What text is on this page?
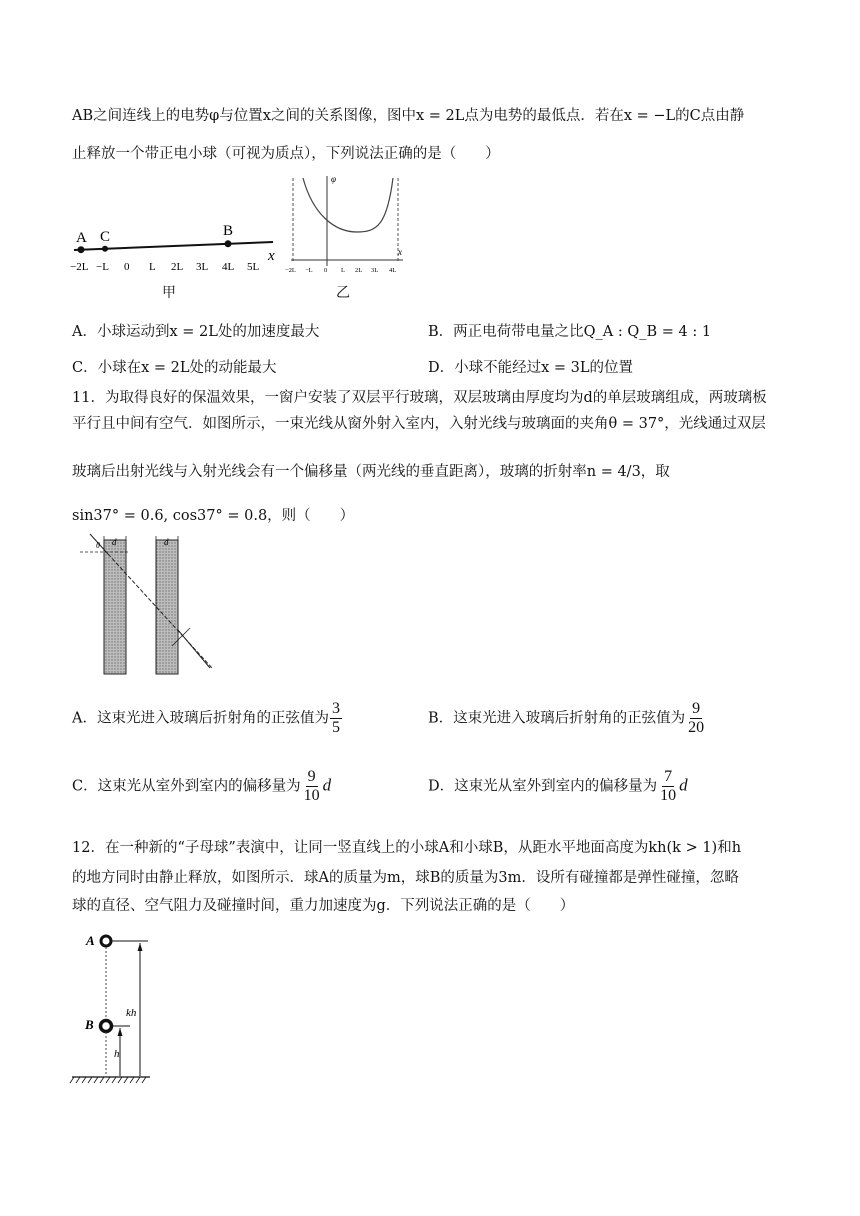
AB之间连线上的电势φ与位置x之间的关系图像，图中x = 2L点为电势的最低点．若在x = −L的C点由静
止释放一个带正电小球（可视为质点），下列说法正确的是（　　）
A C	B
x
−2L −L 0 L 2L 3L 4L 5L
甲
φ
x
−2L −L 0 L 2L 3L 4L
乙
A．小球运动到x = 2L处的加速度最大	B．两正电荷带电量之比Q_A : Q_B = 4 : 1
C．小球在x = 2L处的动能最大	D．小球不能经过x = 3L的位置
11．为取得良好的保温效果，一窗户安装了双层平行玻璃，双层玻璃由厚度均为d的单层玻璃组成，两玻璃板
平行且中间有空气．如图所示，一束光线从窗外射入室内，入射光线与玻璃面的夹角θ = 37°，光线通过双层
玻璃后出射光线与入射光线会有一个偏移量（两光线的垂直距离），玻璃的折射率n = 4/3，取
sin37° = 0.6, cos37° = 0.8，则（　　）
d	d
θ
A．这束光进入玻璃后折射角的正弦值为 $\frac{3}{5}$	B．这束光进入玻璃后折射角的正弦值为 $\frac{9}{20}$
C．这束光从室外到室内的偏移量为 $\frac{9}{10}$ d	D．这束光从室外到室内的偏移量为 $\frac{7}{10}$ d
12．在一种新的“子母球”表演中，让同一竖直线上的小球A和小球B，从距水平地面高度为kh(k > 1)和h
的地方同时由静止释放，如图所示．球A的质量为m，球B的质量为3m．设所有碰撞都是弹性碰撞，忽略
球的直径、空气阻力及碰撞时间，重力加速度为g．下列说法正确的是（　　）
A
B
kh
h
